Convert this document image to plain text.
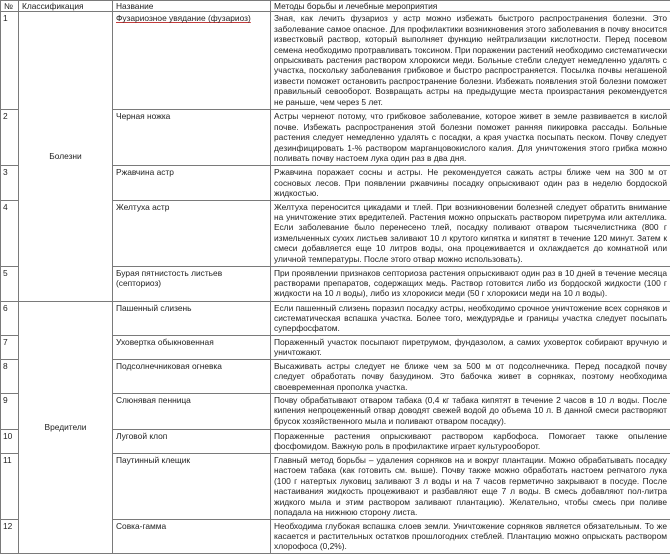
№	Классификация	Название	Методы борьбы и лечебные мероприятия
1	Болезни	Фузариозное увядание (фузариоз)	Зная, как лечить фузариоз у астр можно избежать быстрого распространения болезни. Это заболевание самое опасное. Для профилактики возникновения этого заболевания в почву вносится известковый раствор, который выполняет функцию нейтрализации кислотности. Перед посевом семена необходимо протравливать токсином. При поражении растений необходимо систематически опрыскивать растения раствором хлорокиси меди. Больные стебли следует немедленно удалять с участка, поскольку заболевания грибковое и быстро распространяется. Посылка почвы негашеной извести поможет остановить распространение болезни. Избежать появления этой болезни поможет правильный севооборот. Возвращать астры на предыдущие места произрастания рекомендуется не раньше, чем через 5 лет.
2		Черная ножка	Астры чернеют потому, что грибковое заболевание, которое живет в земле развивается в кислой почве. Избежать распространения этой болезни поможет ранняя пикировка рассады. Больные растения следует немедленно удалять с посадки, а края участка посыпать песком. Почву следует дезинфицировать 1-% раствором марганцовокислого калия. Для уничтожения этого грибка можно поливать почву настоем лука один раз в два дня.
3		Ржавчина астр	Ржавчина поражает сосны и астры. Не рекомендуется сажать астры ближе чем на 300 м от сосновых лесов. При появлении ржавчины посадку опрыскивают один раз в неделю бордоской жидкостью.
4		Желтуха астр	Желтуха переносится цикадами и тлей. При возникновении болезней следует обратить внимание на уничтожение этих вредителей. Растения можно опрыскать раствором пиретрума или актеллика. Если заболевание было перенесено тлей, посадку поливают отваром тысячелистника (800 г измельченных сухих листьев заливают 10 л крутого кипятка и кипятят в течение 120 минут. Затем к смеси добавляется еще 10 литров воды, она процеживается и охлаждается до комнатной или уличной температуры. После этого отвар можно использовать).
5		Бурая пятнистость листьев (септориоз)	При проявлении признаков септориоза растения опрыскивают один раз в 10 дней в течение месяца растворами препаратов, содержащих медь. Раствор готовится либо из бордоской жидкости (100 г жидкости на 10 л воды), либо из хлорокиси меди (50 г хлорокиси меди на 10 л воды).
6	Вредители	Пашенный слизень	Если пашенный слизень поразил посадку астры, необходимо срочное уничтожение всех сорняков и систематическая вспашка участка. Более того, междурядье и границы участка следует посыпать суперфосфатом.
7		Уховертка обыкновенная	Пораженный участок посыпают пиретрумом, фундазолом, а самих уховерток собирают вручную и уничтожают.
8		Подсолнечниковая огневка	Высаживать астры следует не ближе чем за 500 м от подсолнечника. Перед посадкой почву следует обработать почву базудином. Это бабочка живет в сорняках, поэтому необходима своевременная прополка участка.
9		Слюнявая пенница	Почву обрабатывают отваром табака (0,4 кг табака кипятят в течение 2 часов в 10 л воды. После кипения непроцеженный отвар доводят свежей водой до объема 10 л. В данной смеси растворяют брусок хозяйственного мыла и поливают отваром посадку).
10		Луговой клоп	Пораженные растения опрыскивают раствором карбофоса. Помогает также опыление фосфомидом. Важную роль в профилактике играет культурооборот.
11		Паутинный клещик	Главный метод борьбы – удаления сорняков на и вокруг плантации. Можно обрабатывать посадку настоем табака (как готовить см. выше). Почву также можно обработать настоем репчатого лука (100 г натертых луковиц заливают 3 л воды и на 7 часов герметично закрывают в посуде. После настаивания жидкость процеживают и разбавляют еще 7 л воды. В смесь добавляют пол-литра жидкого мыла и этим раствором заливают плантацию). Желательно, чтобы смесь при поливе попадала на нижнюю сторону листа.
12		Совка-гамма	Необходима глубокая вспашка слоев земли. Уничтожение сорняков является обязательным. То же касается и растительных остатков прошлогодних стеблей. Плантацию можно опрыскать раствором хлорофоса (0,2%).
